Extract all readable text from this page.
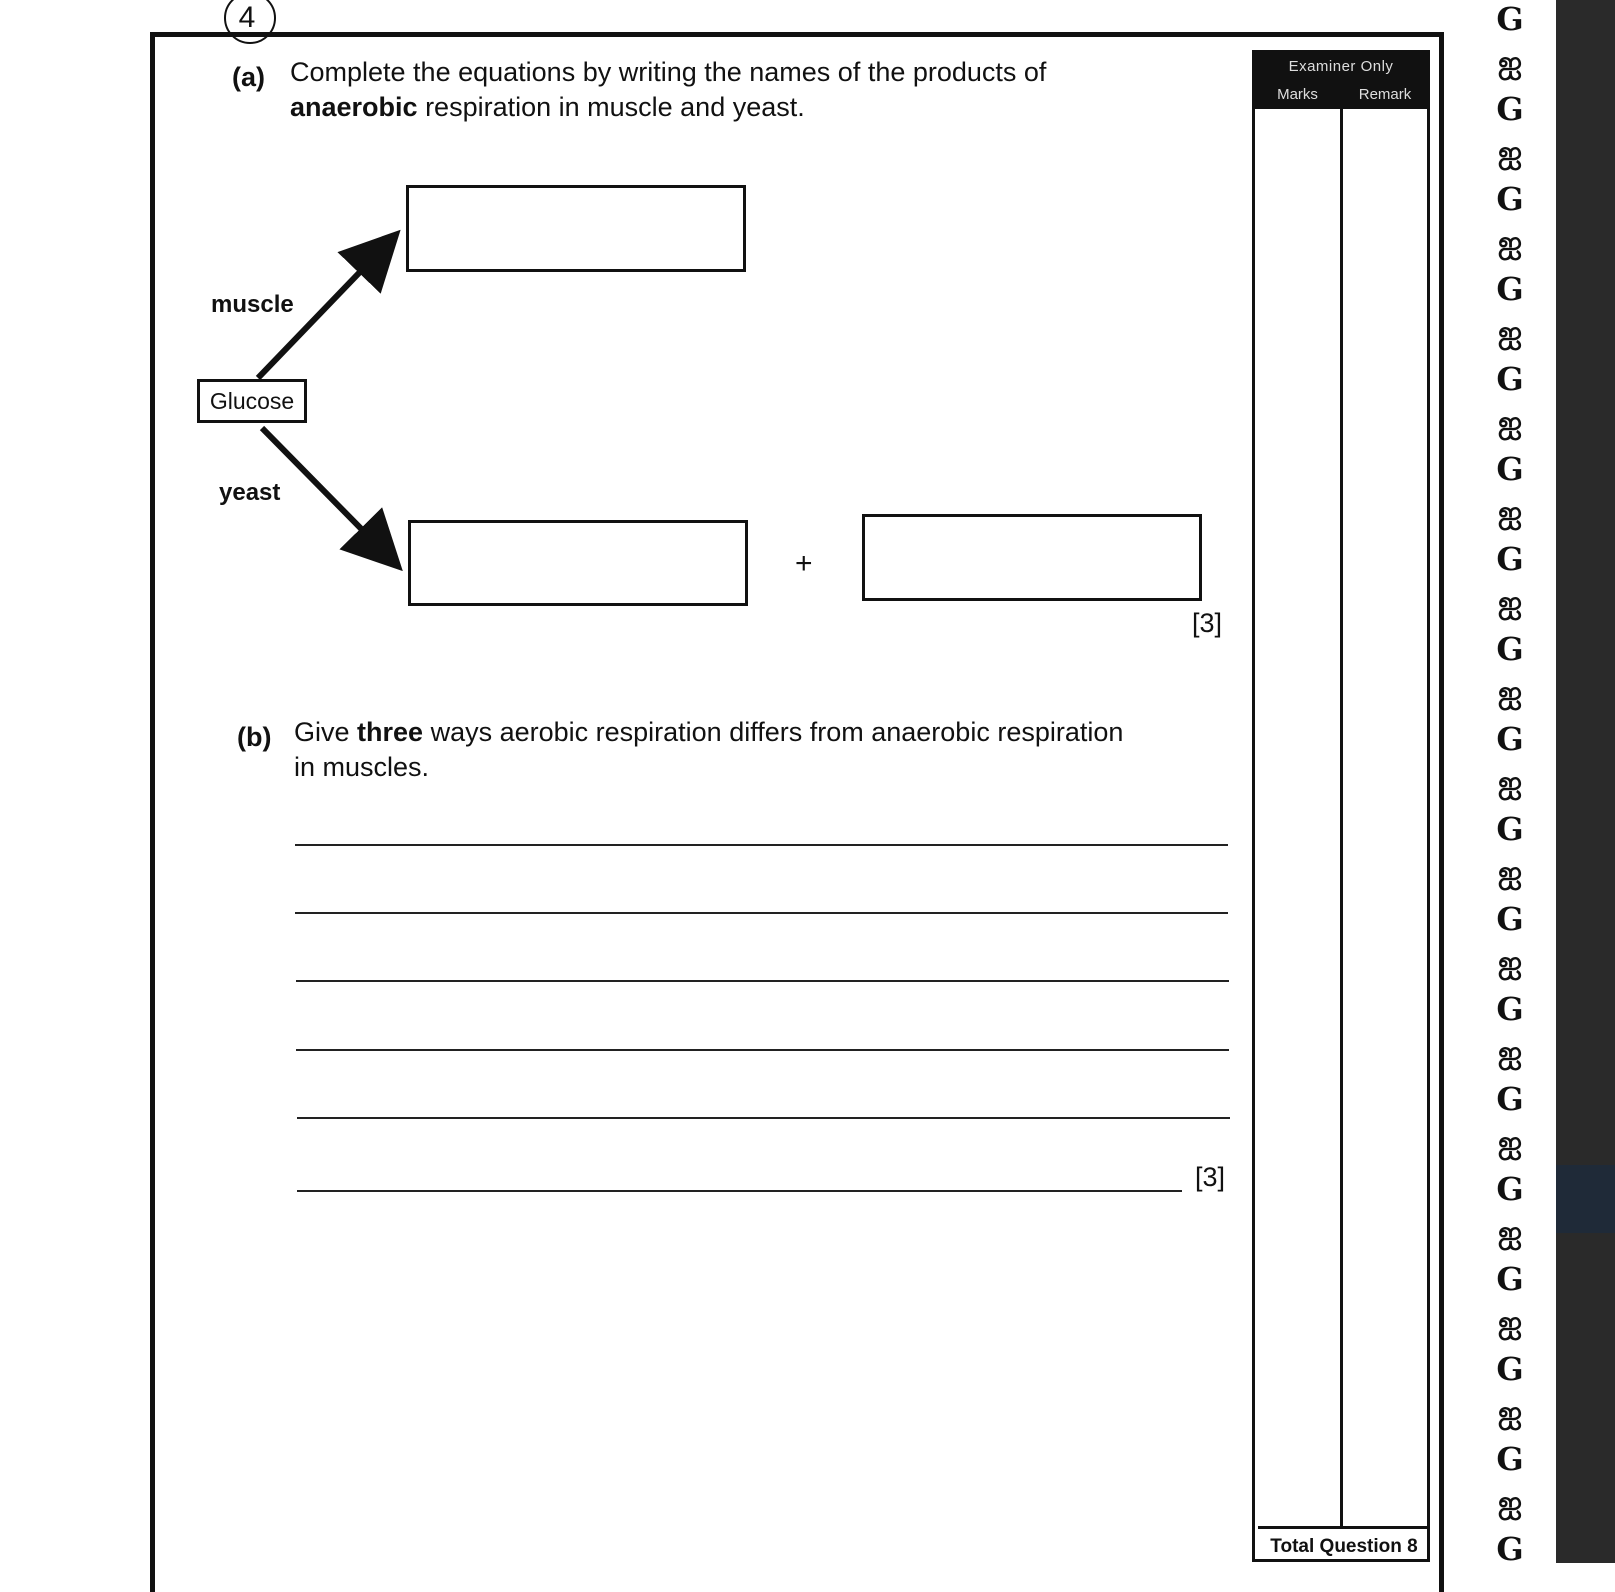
4
(a) Complete the equations by writing the names of the products of
anaerobic respiration in muscle and yeast.
muscle
Glucose
yeast
+
[3]
(b) Give three ways aerobic respiration differs from anaerobic respiration
in muscles.
[3]
Examiner Only
Marks	Remark
Total Question 8
G
ஐ
G
ஐ
G
ஐ
G
ஐ
G
ஐ
G
ஐ
G
ஐ
G
ஐ
G
ஐ
G
ஐ
G
ஐ
G
ஐ
G
ஐ
G
ஐ
G
ஐ
G
ஐ
G
ஐ
G
